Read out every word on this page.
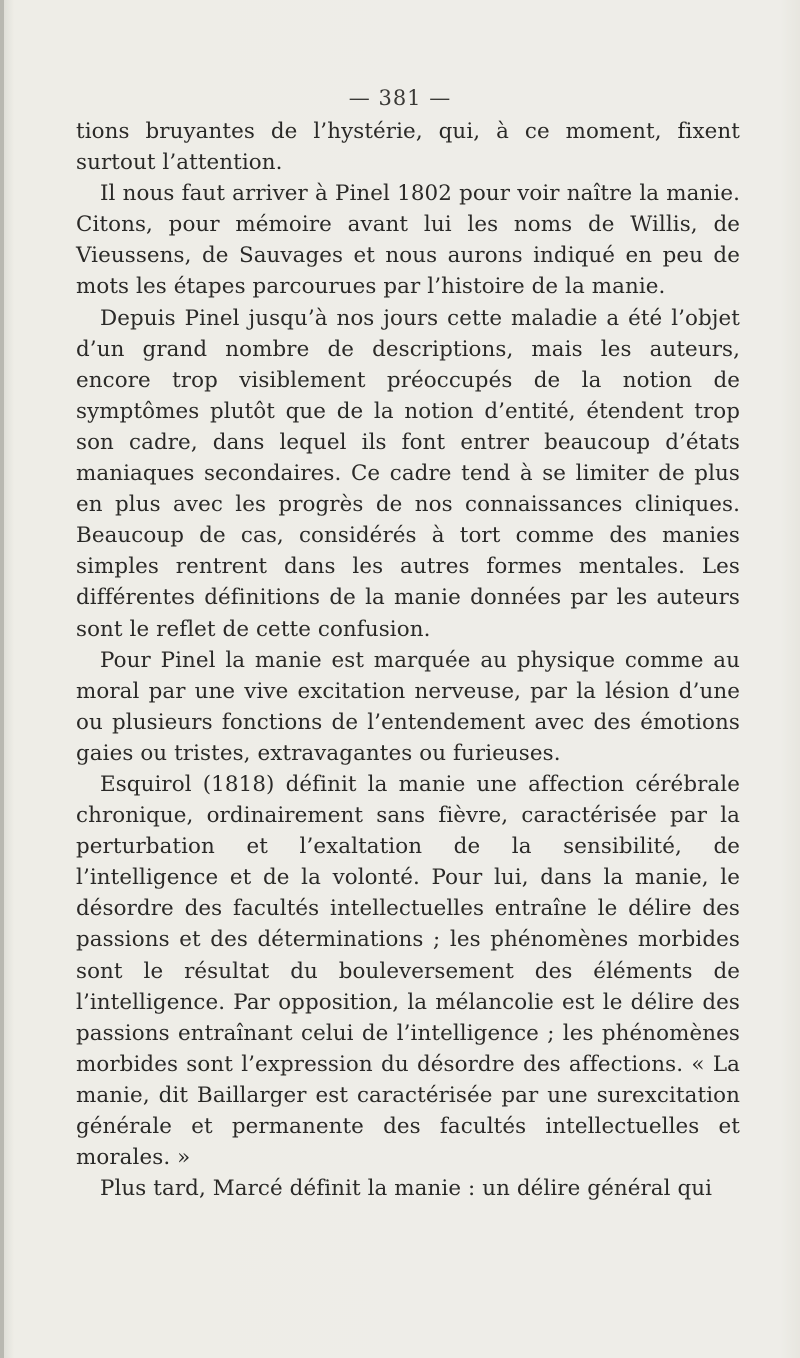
— 381 —

tions bruyantes de l’hystérie, qui, à ce moment, fixent surtout l’attention.

Il nous faut arriver à Pinel 1802 pour voir naître la manie. Citons, pour mémoire avant lui les noms de Willis, de Vieussens, de Sauvages et nous aurons indiqué en peu de mots les étapes parcourues par l’histoire de la manie.

Depuis Pinel jusqu’à nos jours cette maladie a été l’objet d’un grand nombre de descriptions, mais les auteurs, encore trop visiblement préoccupés de la notion de symptômes plutôt que de la notion d’entité, étendent trop son cadre, dans lequel ils font entrer beaucoup d’états maniaques secondaires. Ce cadre tend à se limiter de plus en plus avec les progrès de nos connaissances cliniques. Beaucoup de cas, considérés à tort comme des manies simples rentrent dans les autres formes mentales. Les différentes définitions de la manie données par les auteurs sont le reflet de cette confusion.

Pour Pinel la manie est marquée au physique comme au moral par une vive excitation nerveuse, par la lésion d’une ou plusieurs fonctions de l’entendement avec des émotions gaies ou tristes, extravagantes ou furieuses.

Esquirol (1818) définit la manie une affection cérébrale chronique, ordinairement sans fièvre, caractérisée par la perturbation et l’exaltation de la sensibilité, de l’intelligence et de la volonté. Pour lui, dans la manie, le désordre des facultés intellectuelles entraîne le délire des passions et des déterminations ; les phénomènes morbides sont le résultat du bouleversement des éléments de l’intelligence. Par opposition, la mélancolie est le délire des passions entraînant celui de l’intelligence ; les phénomènes morbides sont l’expression du désordre des affections. « La manie, dit Baillarger est caractérisée par une surexcitation générale et permanente des facultés intellectuelles et morales. »

Plus tard, Marcé définit la manie : un délire général qui
